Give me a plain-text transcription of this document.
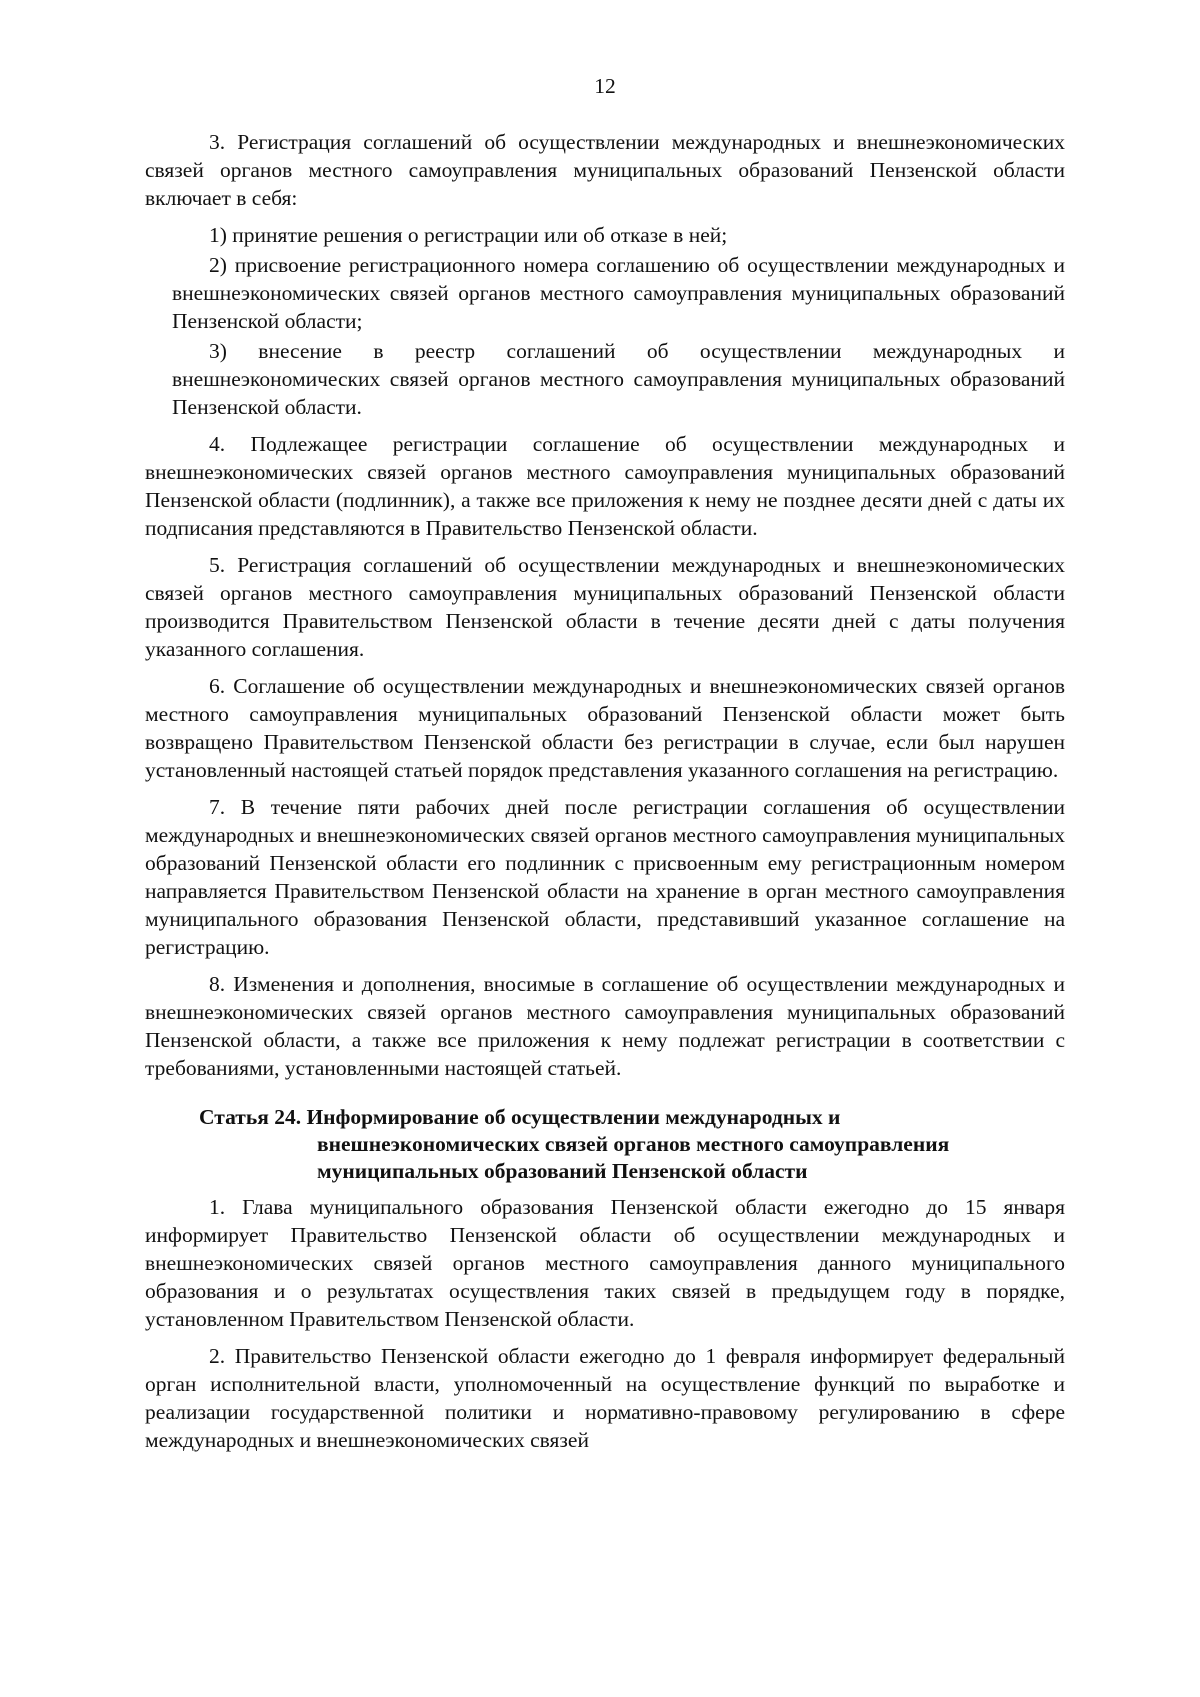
12

3. Регистрация соглашений об осуществлении международных и внешнеэкономических связей органов местного самоуправления муниципальных образований Пензенской области включает в себя:

1) принятие решения о регистрации или об отказе в ней;

2) присвоение регистрационного номера соглашению об осуществлении международных и внешнеэкономических связей органов местного самоуправления муниципальных образований Пензенской области;

3) внесение в реестр соглашений об осуществлении международных и внешнеэкономических связей органов местного самоуправления муниципальных образований Пензенской области.

4. Подлежащее регистрации соглашение об осуществлении международных и внешнеэкономических связей органов местного самоуправления муниципальных образований Пензенской области (подлинник), а также все приложения к нему не позднее десяти дней с даты их подписания представляются в Правительство Пензенской области.

5. Регистрация соглашений об осуществлении международных и внешнеэкономических связей органов местного самоуправления муниципальных образований Пензенской области производится Правительством Пензенской области в течение десяти дней с даты получения указанного соглашения.

6. Соглашение об осуществлении международных и внешнеэкономических связей органов местного самоуправления муниципальных образований Пензенской области может быть возвращено Правительством Пензенской области без регистрации в случае, если был нарушен установленный настоящей статьей порядок представления указанного соглашения на регистрацию.

7. В течение пяти рабочих дней после регистрации соглашения об осуществлении международных и внешнеэкономических связей органов местного самоуправления муниципальных образований Пензенской области его подлинник с присвоенным ему регистрационным номером направляется Правительством Пензенской области на хранение в орган местного самоуправления муниципального образования Пензенской области, представивший указанное соглашение на регистрацию.

8. Изменения и дополнения, вносимые в соглашение об осуществлении международных и внешнеэкономических связей органов местного самоуправления муниципальных образований Пензенской области, а также все приложения к нему подлежат регистрации в соответствии с требованиями, установленными настоящей статьей.

Статья 24. Информирование об осуществлении международных и внешнеэкономических связей органов местного самоуправления муниципальных образований Пензенской области

1. Глава муниципального образования Пензенской области ежегодно до 15 января информирует Правительство Пензенской области об осуществлении международных и внешнеэкономических связей органов местного самоуправления данного муниципального образования и о результатах осуществления таких связей в предыдущем году в порядке, установленном Правительством Пензенской области.

2. Правительство Пензенской области ежегодно до 1 февраля информирует федеральный орган исполнительной власти, уполномоченный на осуществление функций по выработке и реализации государственной политики и нормативно-правовому регулированию в сфере международных и внешнеэкономических связей
